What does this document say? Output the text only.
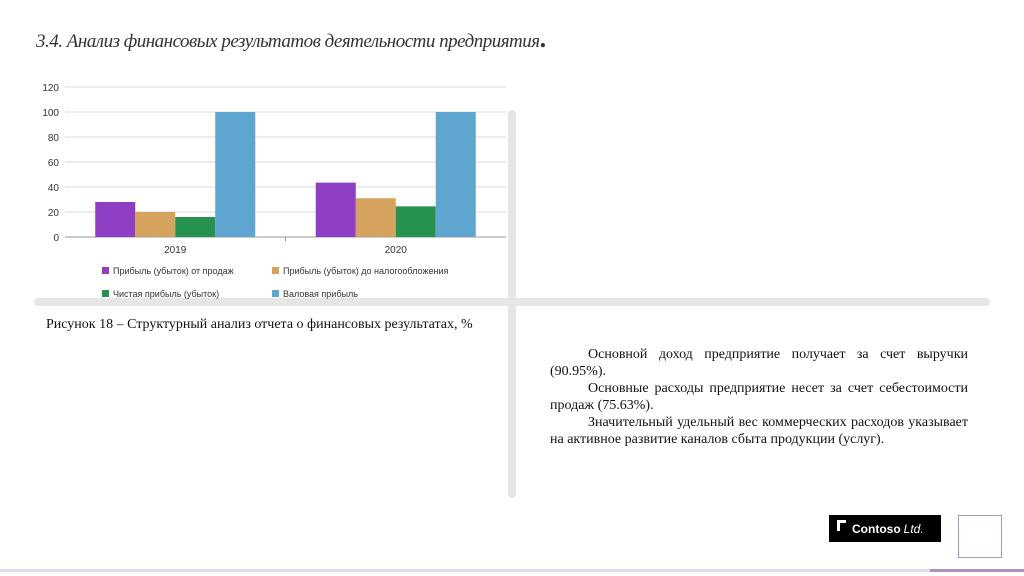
3.4. Анализ финансовых результатов деятельности предприятия.
0
20
40
60
80
100
120
2019	2020
Прибыль (убыток) от продаж	Прибыль (убыток) до налогообложения
Чистая прибыль (убыток)	Валовая прибыль

Рисунок 18 – Структурный анализ отчета о финансовых результатах, %

Основной доход предприятие получает за счет выручки (90.95%).

Основные расходы предприятие несет за счет себестоимости продаж (75.63%).

Значительный удельный вес коммерческих расходов указывает на активное развитие каналов сбыта продукции (услуг).

Contoso Ltd.
